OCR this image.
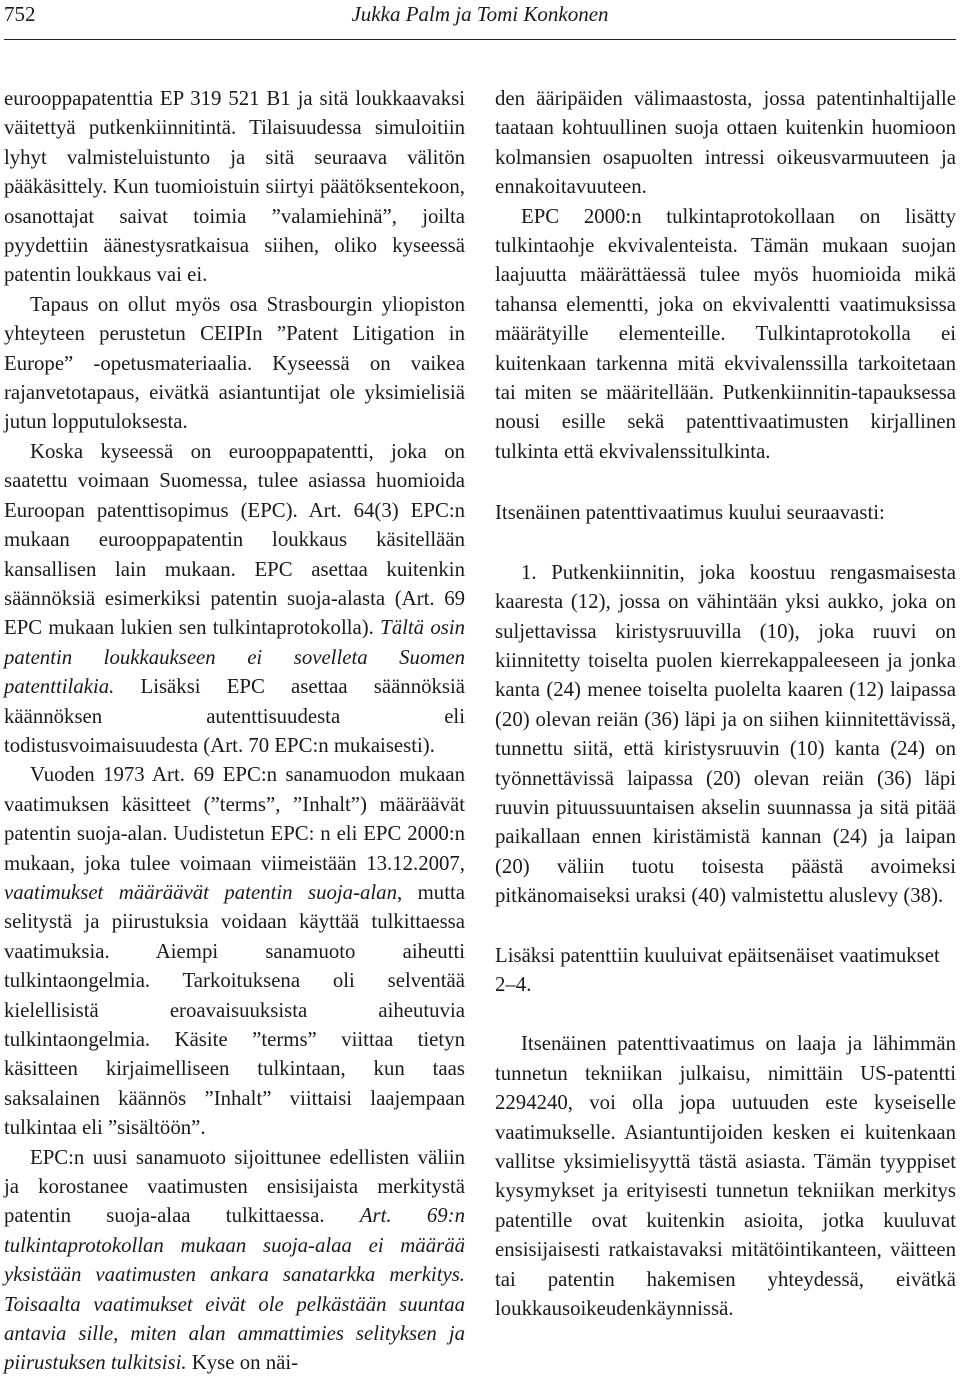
752	Jukka Palm ja Tomi Konkonen

eurooppapatenttia EP 319 521 B1 ja sitä loukkaavaksi väitettyä putkenkiinnitintä. Tilaisuudessa simuloitiin lyhyt valmisteluistunto ja sitä seuraava välitön pääkäsittely. Kun tuomioistuin siirtyi päätöksentekoon, osanottajat saivat toimia ”valamiehinä”, joilta pyydettiin äänestysratkaisua siihen, oliko kyseessä patentin loukkaus vai ei.

Tapaus on ollut myös osa Strasbourgin yliopiston yhteyteen perustetun CEIPIn ”Patent Litigation in Europe” -opetusmateriaalia. Kyseessä on vaikea rajanvetotapaus, eivätkä asiantuntijat ole yksimielisiä jutun lopputuloksesta.

Koska kyseessä on eurooppapatentti, joka on saatettu voimaan Suomessa, tulee asiassa huomioida Euroopan patenttisopimus (EPC). Art. 64(3) EPC:n mukaan eurooppapatentin loukkaus käsitellään kansallisen lain mukaan. EPC asettaa kuitenkin säännöksiä esimerkiksi patentin suoja-alasta (Art. 69 EPC mukaan lukien sen tulkintaprotokolla). Tältä osin patentin loukkaukseen ei sovelleta Suomen patenttilakia. Lisäksi EPC asettaa säännöksiä käännöksen autenttisuudesta eli todistusvoimaisuudesta (Art. 70 EPC:n mukaisesti).

Vuoden 1973 Art. 69 EPC:n sanamuodon mukaan vaatimuksen käsitteet (”terms”, ”Inhalt”) määräävät patentin suoja-alan. Uudistetun EPC: n eli EPC 2000:n mukaan, joka tulee voimaan viimeistään 13.12.2007, vaatimukset määräävät patentin suoja-alan, mutta selitystä ja piirustuksia voidaan käyttää tulkittaessa vaatimuksia. Aiempi sanamuoto aiheutti tulkintaongelmia. Tarkoituksena oli selventää kielellisistä eroavaisuuksista aiheutuvia tulkintaongelmia. Käsite ”terms” viittaa tietyn käsitteen kirjaimelliseen tulkintaan, kun taas saksalainen käännös ”Inhalt” viittaisi laajempaan tulkintaa eli ”sisältöön”.

EPC:n uusi sanamuoto sijoittunee edellisten väliin ja korostanee vaatimusten ensisijaista merkitystä patentin suoja-alaa tulkittaessa. Art. 69:n tulkintaprotokollan mukaan suoja-alaa ei määrää yksistään vaatimusten ankara sanatarkka merkitys. Toisaalta vaatimukset eivät ole pelkästään suuntaa antavia sille, miten alan ammattimies selityksen ja piirustuksen tulkitsisi. Kyse on näi-

den ääripäiden välimaastosta, jossa patentinhaltijalle taataan kohtuullinen suoja ottaen kuitenkin huomioon kolmansien osapuolten intressi oikeusvarmuuteen ja ennakoitavuuteen.

EPC 2000:n tulkintaprotokollaan on lisätty tulkintaohje ekvivalenteista. Tämän mukaan suojan laajuutta määrättäessä tulee myös huomioida mikä tahansa elementti, joka on ekvivalentti vaatimuksissa määrätyille elementeille. Tulkintaprotokolla ei kuitenkaan tarkenna mitä ekvivalenssilla tarkoitetaan tai miten se määritellään. Putkenkiinnitin-tapauksessa nousi esille sekä patenttivaatimusten kirjallinen tulkinta että ekvivalenssitulkinta.

Itsenäinen patenttivaatimus kuului seuraavasti:

1. Putkenkiinnitin, joka koostuu rengasmaisesta kaaresta (12), jossa on vähintään yksi aukko, joka on suljettavissa kiristysruuvilla (10), joka ruuvi on kiinnitetty toiselta puolen kierrekappaleeseen ja jonka kanta (24) menee toiselta puolelta kaaren (12) laipassa (20) olevan reiän (36) läpi ja on siihen kiinnitettävissä, tunnettu siitä, että kiristysruuvin (10) kanta (24) on työnnettävissä laipassa (20) olevan reiän (36) läpi ruuvin pituussuuntaisen akselin suunnassa ja sitä pitää paikallaan ennen kiristämistä kannan (24) ja laipan (20) väliin tuotu toisesta päästä avoimeksi pitkänomaiseksi uraksi (40) valmistettu aluslevy (38).

Lisäksi patenttiin kuuluivat epäitsenäiset vaatimukset 2–4.

Itsenäinen patenttivaatimus on laaja ja lähimmän tunnetun tekniikan julkaisu, nimittäin US-patentti 2294240, voi olla jopa uutuuden este kyseiselle vaatimukselle. Asiantuntijoiden kesken ei kuitenkaan vallitse yksimielisyyttä tästä asiasta. Tämän tyyppiset kysymykset ja erityisesti tunnetun tekniikan merkitys patentille ovat kuitenkin asioita, jotka kuuluvat ensisijaisesti ratkaistavaksi mitätöintikanteen, väitteen tai patentin hakemisen yhteydessä, eivätkä loukkausoikeudenkäynnissä.
